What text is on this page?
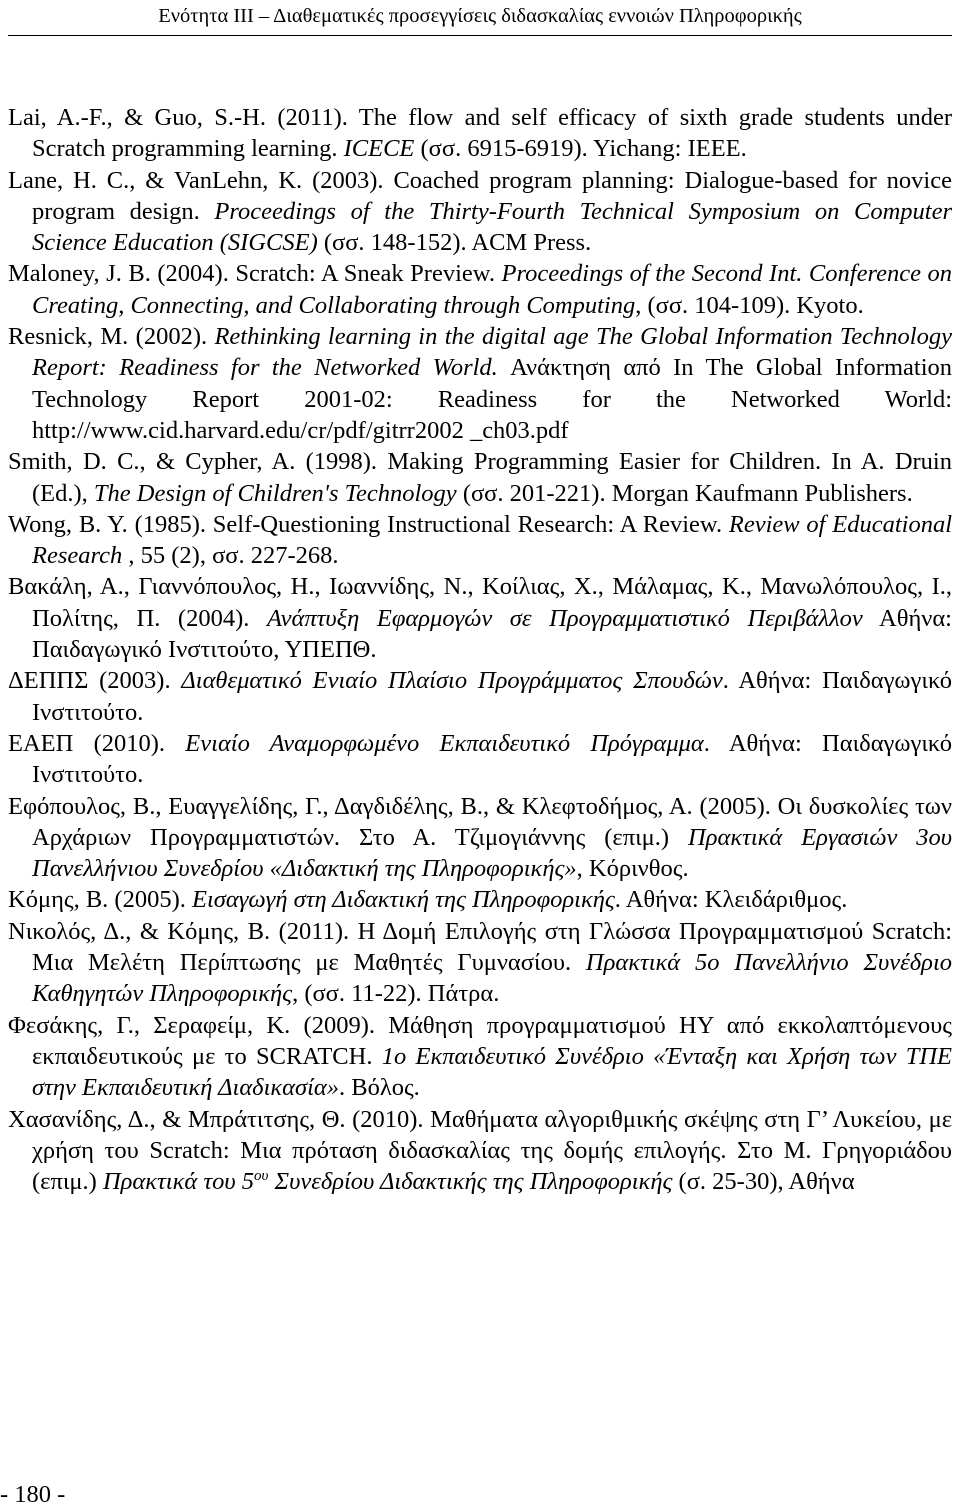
Ενότητα ΙΙΙ – Διαθεματικές προσεγγίσεις διδασκαλίας εννοιών Πληροφορικής
Lai, A.-F., & Guo, S.-H. (2011). The flow and self efficacy of sixth grade students under Scratch programming learning. ICECE (σσ. 6915-6919). Yichang: IEEE.
Lane, H. C., & VanLehn, K. (2003). Coached program planning: Dialogue-based for novice program design. Proceedings of the Thirty-Fourth Technical Symposium on Computer Science Education (SIGCSE) (σσ. 148-152). ACM Press.
Maloney, J. B. (2004). Scratch: A Sneak Preview. Proceedings of the Second Int. Conference on Creating, Connecting, and Collaborating through Computing, (σσ. 104-109). Kyoto.
Resnick, M. (2002). Rethinking learning in the digital age The Global Information Technology Report: Readiness for the Networked World. Ανάκτηση από In The Global Information Technology Report 2001-02: Readiness for the Networked World: http://www.cid.harvard.edu/cr/pdf/gitrr2002 _ch03.pdf
Smith, D. C., & Cypher, A. (1998). Making Programming Easier for Children. In A. Druin (Ed.), The Design of Children's Technology (σσ. 201-221). Morgan Kaufmann Publishers.
Wong, B. Y. (1985). Self-Questioning Instructional Research: A Review. Review of Educational Research , 55 (2), σσ. 227-268.
Βακάλη, Α., Γιαννόπουλος, Η., Ιωαννίδης, Ν., Κοίλιας, Χ., Μάλαμας, Κ., Μανωλόπουλος, Ι., Πολίτης, Π. (2004). Ανάπτυξη Εφαρμογών σε Προγραμματιστικό Περιβάλλον Αθήνα: Παιδαγωγικό Ινστιτούτο, ΥΠΕΠΘ.
ΔΕΠΠΣ (2003). Διαθεματικό Ενιαίο Πλαίσιο Προγράμματος Σπουδών. Αθήνα: Παιδαγωγικό Ινστιτούτο.
ΕΑΕΠ (2010). Ενιαίο Αναμορφωμένο Εκπαιδευτικό Πρόγραμμα. Αθήνα: Παιδαγωγικό Ινστιτούτο.
Εφόπουλος, Β., Ευαγγελίδης, Γ., Δαγδιδέλης, Β., & Κλεφτοδήμος, Α. (2005). Οι δυσκολίες των Αρχάριων Προγραμματιστών. Στο Α. Τζιμογιάννης (επιμ.) Πρακτικά Εργασιών 3ου Πανελλήνιου Συνεδρίου «Διδακτική της Πληροφορικής», Κόρινθος.
Κόμης, Β. (2005). Εισαγωγή στη Διδακτική της Πληροφορικής. Αθήνα: Κλειδάριθμος.
Νικολός, Δ., & Κόμης, Β. (2011). Η Δομή Επιλογής στη Γλώσσα Προγραμματισμού Scratch: Μια Μελέτη Περίπτωσης με Μαθητές Γυμνασίου. Πρακτικά 5o Πανελλήνιο Συνέδριο Καθηγητών Πληροφορικής, (σσ. 11-22). Πάτρα.
Φεσάκης, Γ., Σεραφείμ, Κ. (2009). Μάθηση προγραμματισμού ΗΥ από εκκολαπτόμενους εκπαιδευτικούς με το SCRATCH. 1ο Εκπαιδευτικό Συνέδριο «Ένταξη και Χρήση των ΤΠΕ στην Εκπαιδευτική Διαδικασία». Βόλος.
Χασανίδης, Δ., & Μπράτιτσης, Θ. (2010). Μαθήματα αλγοριθμικής σκέψης στη Γ’ Λυκείου, με χρήση του Scratch: Μια πρόταση διδασκαλίας της δομής επιλογής. Στο Μ. Γρηγοριάδου (επιμ.) Πρακτικά του $5^{o\upsilon}$ Συνεδρίου Διδακτικής της Πληροφορικής (σ. 25-30), Αθήνα
- 180 -
